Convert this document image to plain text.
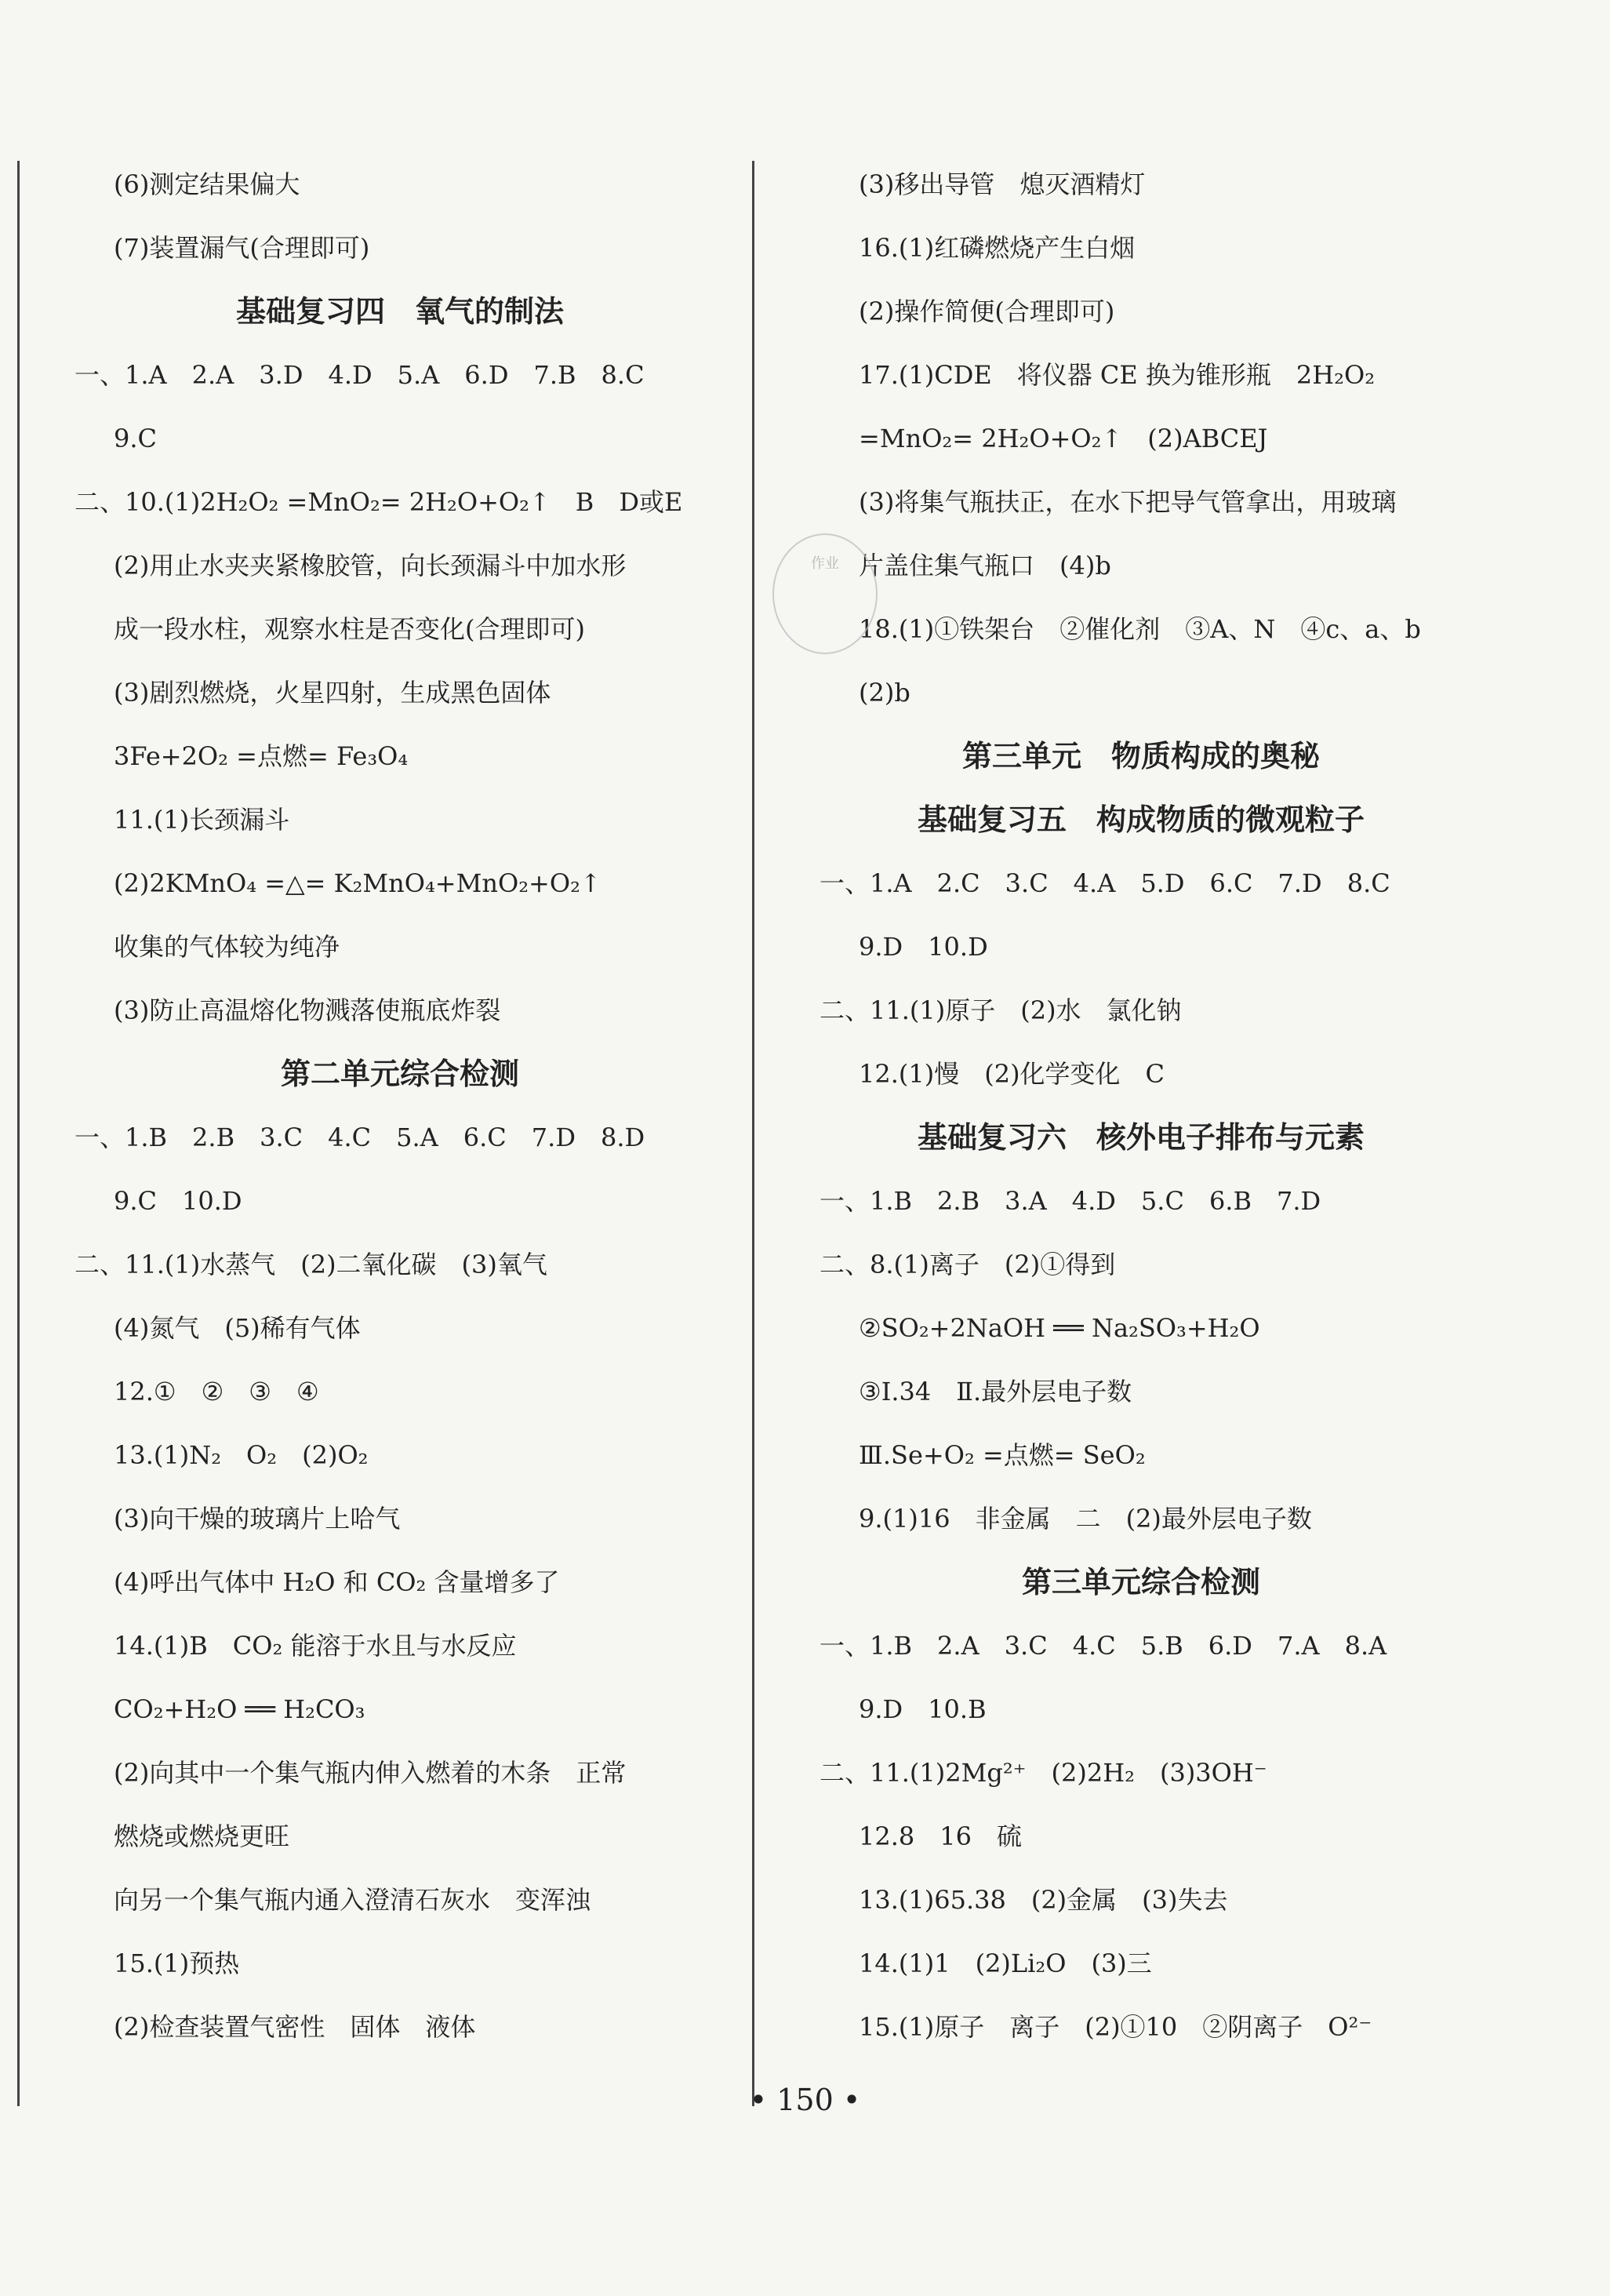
(6)测定结果偏大
(7)装置漏气(合理即可)
基础复习四　氧气的制法
一、1.A　2.A　3.D　4.D　5.A　6.D　7.B　8.C
9.C
二、10.(1)2H₂O₂ =MnO₂= 2H₂O+O₂↑　B　D或E
(2)用止水夹夹紧橡胶管，向长颈漏斗中加水形
成一段水柱，观察水柱是否变化(合理即可)
(3)剧烈燃烧，火星四射，生成黑色固体
3Fe+2O₂ =点燃= Fe₃O₄
11.(1)长颈漏斗
(2)2KMnO₄ =△= K₂MnO₄+MnO₂+O₂↑
收集的气体较为纯净
(3)防止高温熔化物溅落使瓶底炸裂
第二单元综合检测
一、1.B　2.B　3.C　4.C　5.A　6.C　7.D　8.D
9.C　10.D
二、11.(1)水蒸气　(2)二氧化碳　(3)氧气
(4)氮气　(5)稀有气体
12.①　②　③　④
13.(1)N₂　O₂　(2)O₂
(3)向干燥的玻璃片上哈气
(4)呼出气体中 H₂O 和 CO₂ 含量增多了
14.(1)B　CO₂ 能溶于水且与水反应
CO₂+H₂O ══ H₂CO₃
(2)向其中一个集气瓶内伸入燃着的木条　正常
燃烧或燃烧更旺
向另一个集气瓶内通入澄清石灰水　变浑浊
15.(1)预热
(2)检查装置气密性　固体　液体
(3)移出导管　熄灭酒精灯
16.(1)红磷燃烧产生白烟
(2)操作简便(合理即可)
17.(1)CDE　将仪器 CE 换为锥形瓶　2H₂O₂
=MnO₂= 2H₂O+O₂↑　(2)ABCEJ
(3)将集气瓶扶正，在水下把导气管拿出，用玻璃
片盖住集气瓶口　(4)b
18.(1)①铁架台　②催化剂　③A、N　④c、a、b
(2)b
第三单元　物质构成的奥秘
基础复习五　构成物质的微观粒子
一、1.A　2.C　3.C　4.A　5.D　6.C　7.D　8.C
9.D　10.D
二、11.(1)原子　(2)水　氯化钠
12.(1)慢　(2)化学变化　C
基础复习六　核外电子排布与元素
一、1.B　2.B　3.A　4.D　5.C　6.B　7.D
二、8.(1)离子　(2)①得到
②SO₂+2NaOH ══ Na₂SO₃+H₂O
③Ⅰ.34　Ⅱ.最外层电子数
Ⅲ.Se+O₂ =点燃= SeO₂
9.(1)16　非金属　二　(2)最外层电子数
第三单元综合检测
一、1.B　2.A　3.C　4.C　5.B　6.D　7.A　8.A
9.D　10.B
二、11.(1)2Mg²⁺　(2)2H₂　(3)3OH⁻
12.8　16　硫
13.(1)65.38　(2)金属　(3)失去
14.(1)1　(2)Li₂O　(3)三
15.(1)原子　离子　(2)①10　②阴离子　O²⁻
作业
• 150 •
